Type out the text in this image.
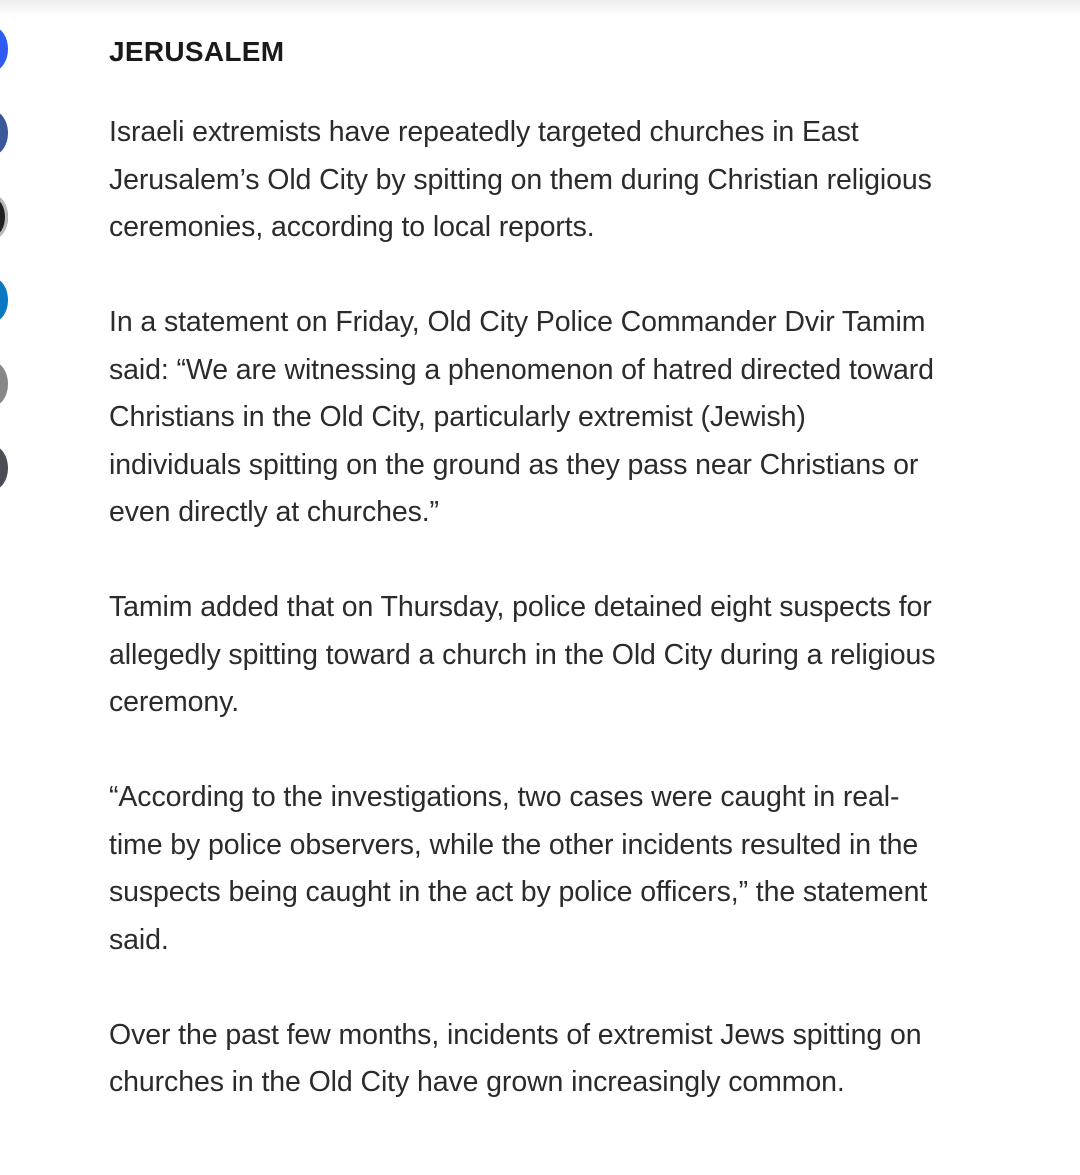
JERUSALEM

Israeli extremists have repeatedly targeted churches in East Jerusalem’s Old City by spitting on them during Christian religious ceremonies, according to local reports.

In a statement on Friday, Old City Police Commander Dvir Tamim said: “We are witnessing a phenomenon of hatred directed toward Christians in the Old City, particularly extremist (Jewish) individuals spitting on the ground as they pass near Christians or even directly at churches.”

Tamim added that on Thursday, police detained eight suspects for allegedly spitting toward a church in the Old City during a religious ceremony.

“According to the investigations, two cases were caught in real-time by police observers, while the other incidents resulted in the suspects being caught in the act by police officers,” the statement said.

Over the past few months, incidents of extremist Jews spitting on churches in the Old City have grown increasingly common.
